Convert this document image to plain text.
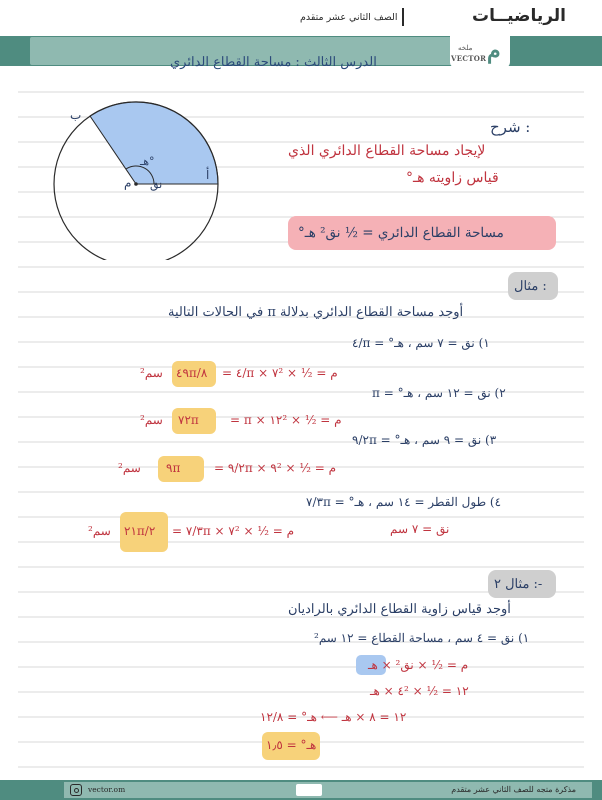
الرياضيــات
الصف الثاني عشر متقدم
م
ملخه
VECTOR
الدرس الثالث : مساحة القطاع الدائري
ب
أ
م نق
هـ°
شرح :
لإيجاد مساحة القطاع الدائري الذي
قياس زاويته هـ°
مساحة القطاع الدائري = ½ نق² هـ°
مثال :
أوجد مساحة القطاع الدائري بدلالة π في الحالات التالية
١) نق = ٧ سم ، هـ° = π/٤
٤٩π/٨
سم²	م = ½ × ٧² × π/٤ =
٢) نق = ١٢ سم ، هـ° = π
٧٢π
سم²	م = ½ × ١٢² × π =
٣) نق = ٩ سم ، هـ° = ٢π/٩
٩π
سم²	م = ½ × ٩² × ٢π/٩ =
٤) طول القطر = ١٤ سم ، هـ° = ٣π/٧
٢١π/٢
سم²	م = ½ × ٧² × ٣π/٧ =	نق = ٧ سم
مثال ٢ :-
أوجد قياس زاوية القطاع الدائري بالراديان
١) نق = ٤ سم ، مساحة القطاع = ١٢ سم²
م = ½ × نق² × هـ
١٢ = ½ × ٤² × هـ
١٢ = ٨ × هـ ⟵ هـ° = ١٢/٨
هـ° = ١٫٥
vector.om	مذكرة متجه للصف الثاني عشر متقدم
